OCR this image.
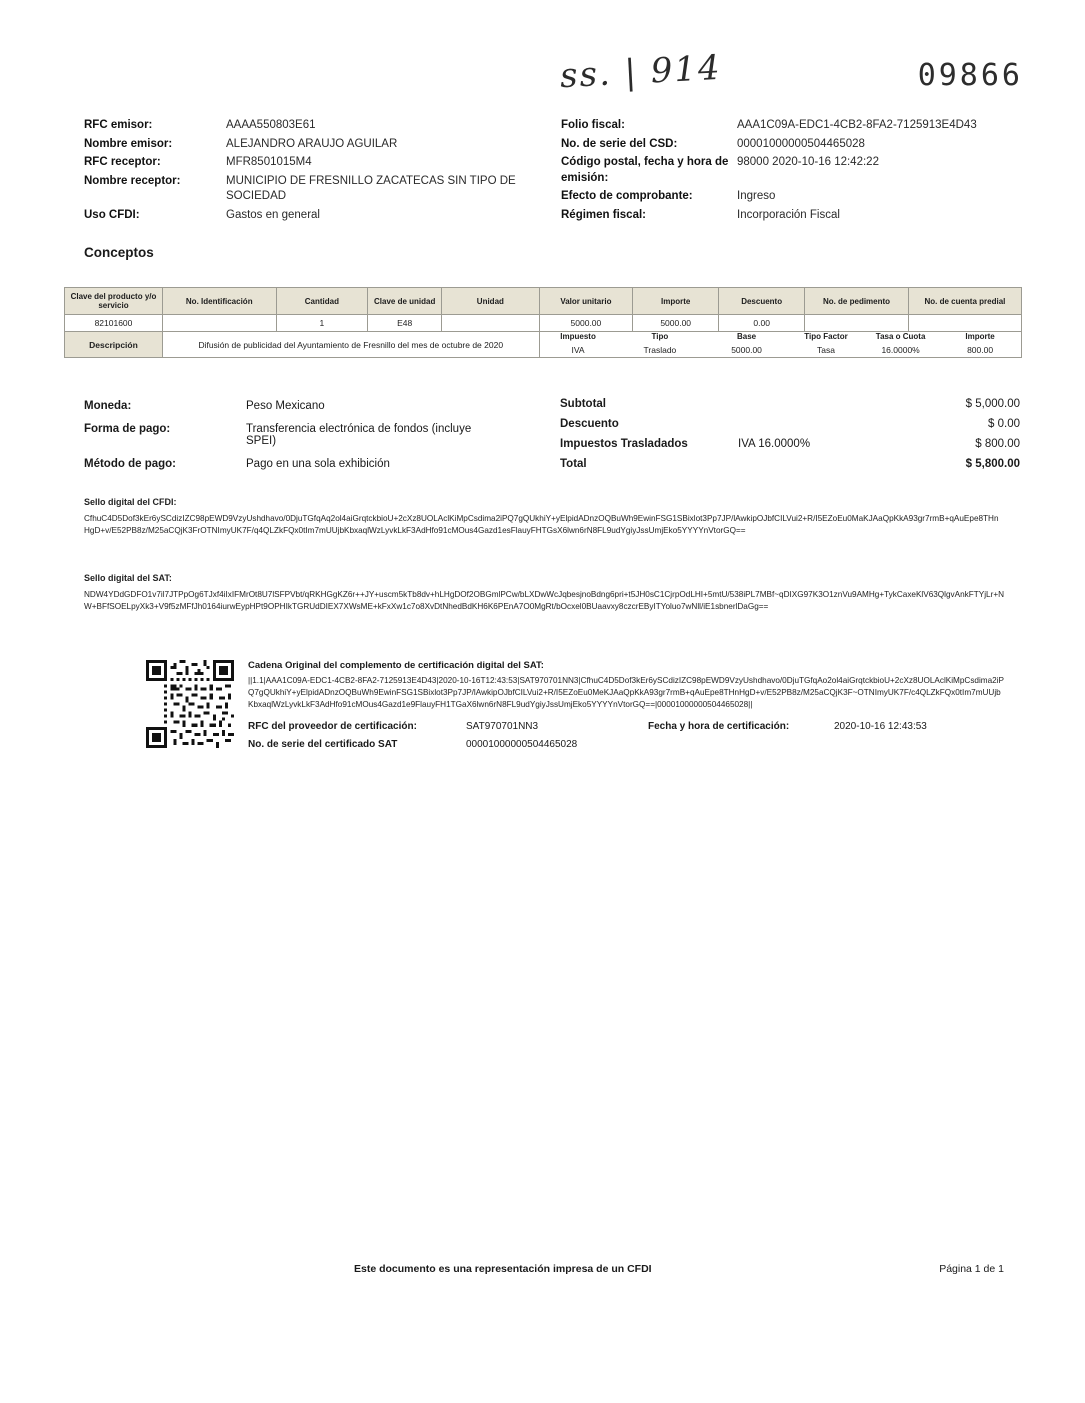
ss. | 914	09866
RFC emisor:	AAAA550803E61
Nombre emisor:	ALEJANDRO ARAUJO AGUILAR
RFC receptor:	MFR8501015M4
Nombre receptor:	MUNICIPIO DE FRESNILLO ZACATECAS SIN TIPO DE SOCIEDAD
Uso CFDI:	Gastos en general
Folio fiscal:	AAA1C09A-EDC1-4CB2-8FA2-7125913E4D43
No. de serie del CSD:	00001000000504465028
Código postal, fecha y hora de emisión:
98000 2020-10-16 12:42:22
Efecto de comprobante:	Ingreso
Régimen fiscal:	Incorporación Fiscal
Conceptos
Clave del producto y/o servicio	No. Identificación	Cantidad	Clave de unidad	Unidad	Valor unitario	Importe	Descuento	No. de pedimento	No. de cuenta predial
82101600		1	E48		5000.00	5000.00	0.00		
Descripción	Difusión de publicidad del Ayuntamiento de Fresnillo del mes de octubre de 2020	
Impuesto	Tipo	Base	Tipo Factor	Tasa o Cuota	Importe
IVA	Traslado	5000.00	Tasa	16.0000%	800.00
Moneda:	Peso Mexicano
Forma de pago:	Transferencia electrónica de fondos (incluye SPEI)
Método de pago:	Pago en una sola exhibición
Subtotal	$ 5,000.00
Descuento	$ 0.00
Impuestos Trasladados	IVA 16.0000%	$ 800.00
Total	$ 5,800.00
Sello digital del CFDI:
CfhuC4D5Dof3kEr6ySCdizIZC98pEWD9VzyUshdhavo/0DjuTGfqAq2ol4aiGrqtckbioU+2cXz8UOLAclKiMpCsdima2iPQ7gQUkhiY+yElpidADnzOQBuWh9EwinFSG1SBixlot3Pp7JP/lAwkipOJbfCILVui2+R/I5EZoEu0MaKJAaQpKkA93gr7rmB+qAuEpe8THnHgD+v/E52PB8z/M25aCQjK3FrOTNImyUK7F/q4QLZkFQx0tIm7mUUjbKbxaqlWzLyvkLkF3AdHfo91cMOus4Gazd1esFlauyFHTGsX6lwn6rN8FL9udYgiyJssUmjEko5YYYYnVtorGQ==
Sello digital del SAT:
NDW4YDdGDFO1v7il7JTPpOg6TJxf4iIxIFMrOt8U7lSFPVbt/qRKHGgKZ6r++JY+uscm5kTb8dv+hLHgDOf2OBGmlPCw/bLXDwWcJqbesjnoBdng6pri+t5JH0sC1CjrpOdLHI+5mtU/538iPL7MBf~qDIXG97K3O1znVu9AMHg+TykCaxeKlV63QlgvAnkFTYjLr+NW+BFfSOELpyXk3+V9f5zMFfJh0164iurwEypHPt9OPHIkTGRUdDIEX7XWsME+kFxXw1c7o8XvDtNhedBdKH6K6PEnA7O0MgRt/bOcxel0BUaavxy8czcrEByITYoluo7wNll/iE1sbnerlDaGg==
Cadena Original del complemento de certificación digital del SAT:
||1.1|AAA1C09A-EDC1-4CB2-8FA2-7125913E4D43|2020-10-16T12:43:53|SAT970701NN3|CfhuC4D5Dof3kEr6ySCdizIZC98pEWD9VzyUshdhavo/0DjuTGfqAo2ol4aiGrqtckbioU+2cXz8UOLAclKiMpCsdima2iPQ7gQUkhiY+yElpidADnzOQBuWh9EwinFSG1SBixlot3Pp7JP/lAwkipOJbfCILVui2+R/I5EZoEu0MeKJAaQpKkA93gr7rmB+qAuEpe8THnHgD+v/E52PB8z/M25aCQjK3F~OTNImyUK7F/c4QLZkFQx0tIm7mUUjbKbxaqlWzLyvkLkF3AdHfo91cMOus4Gazd1e9FlauyFH1TGaX6lwn6rN8FL9udYgiyJssUmjEko5YYYYnVtorGQ==|00001000000504465028||
RFC del proveedor de certificación:	SAT970701NN3	Fecha y hora de certificación:	2020-10-16 12:43:53
No. de serie del certificado SAT	00001000000504465028
Este documento es una representación impresa de un CFDI	Página 1 de 1
